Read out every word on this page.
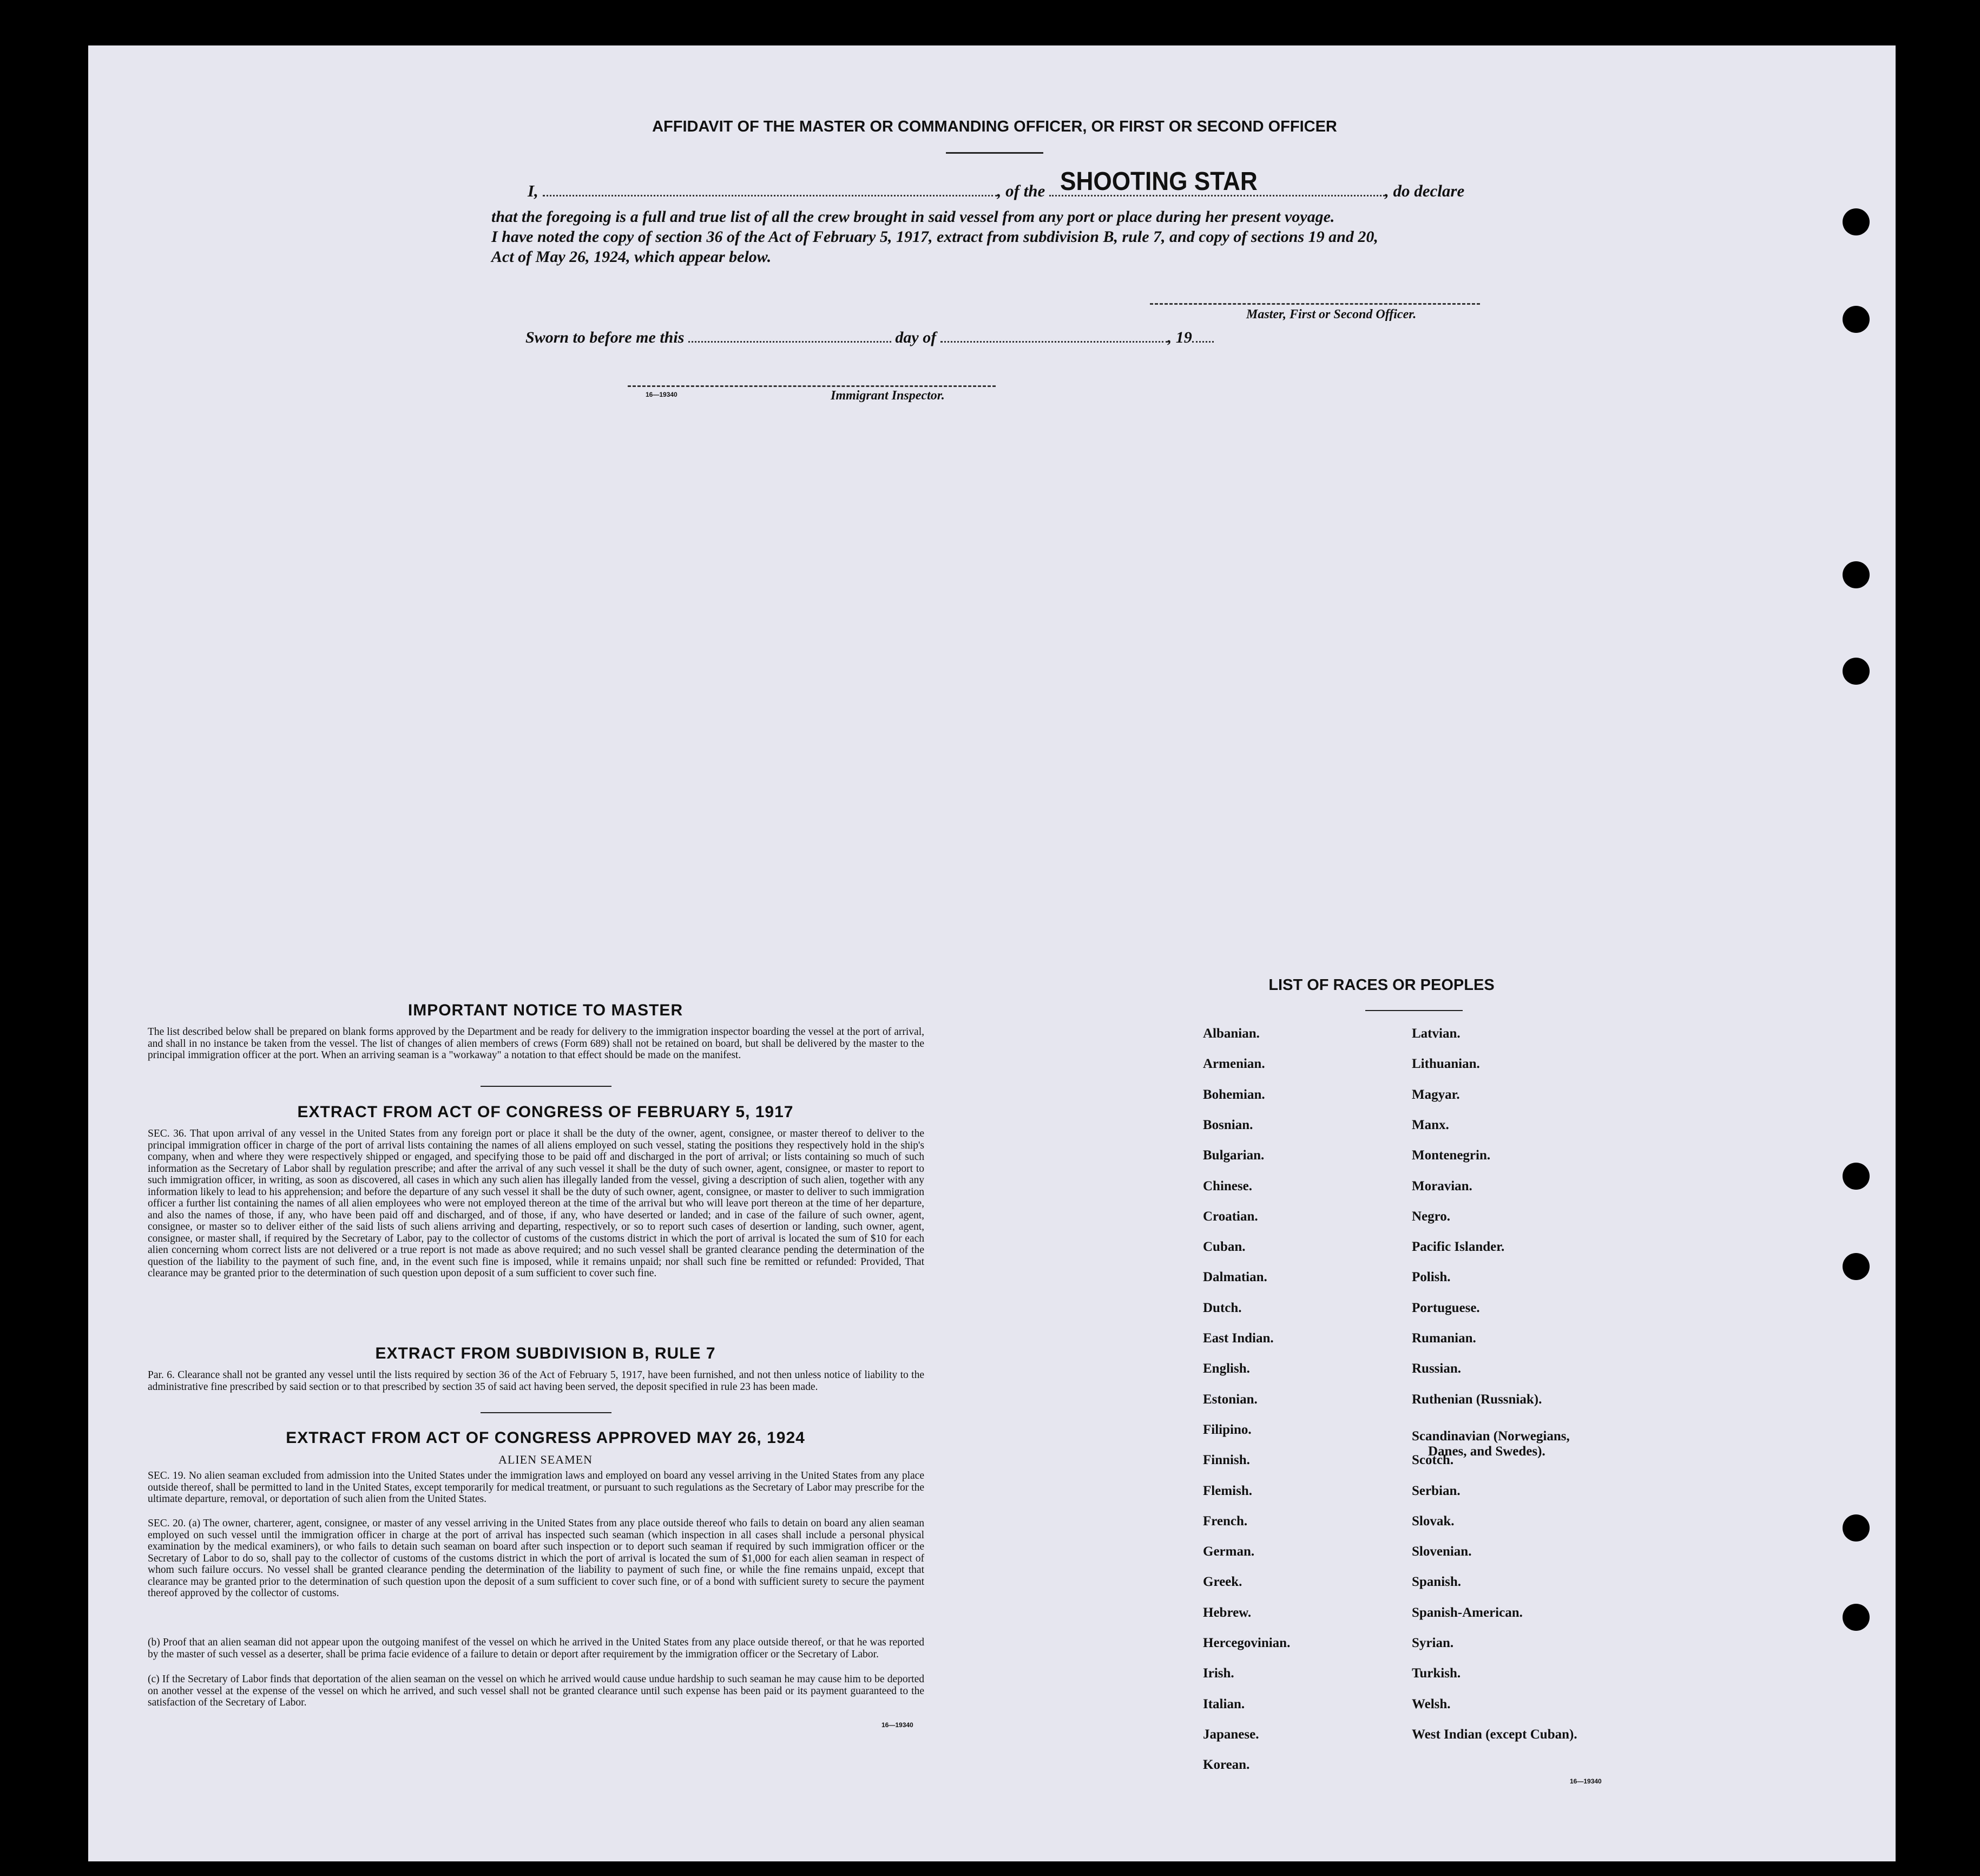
AFFIDAVIT OF THE MASTER OR COMMANDING OFFICER, OR FIRST OR SECOND OFFICER
I,	, of the SHOOTING STAR	, do declare
that the foregoing is a full and true list of all the crew brought in said vessel from any port or place during her present voyage.
I have noted the copy of section 36 of the Act of February 5, 1917, extract from subdivision B, rule 7, and copy of sections 19 and 20,
Act of May 26, 1924, which appear below.
Master, First or Second Officer.
Sworn to before me this	day of	, 19
16—19340	Immigrant Inspector.
IMPORTANT NOTICE TO MASTER
The list described below shall be prepared on blank forms approved by the Department and be ready for delivery to the immigration inspector boarding the vessel at the port of arrival, and shall in no instance be taken from the vessel. The list of changes of alien members of crews (Form 689) shall not be retained on board, but shall be delivered by the master to the principal immigration officer at the port. When an arriving seaman is a "workaway" a notation to that effect should be made on the manifest.
EXTRACT FROM ACT OF CONGRESS OF FEBRUARY 5, 1917
SEC. 36. That upon arrival of any vessel in the United States from any foreign port or place it shall be the duty of the owner, agent, consignee, or master thereof to deliver to the principal immigration officer in charge of the port of arrival lists containing the names of all aliens employed on such vessel, stating the positions they respectively hold in the ship's company, when and where they were respectively shipped or engaged, and specifying those to be paid off and discharged in the port of arrival; or lists containing so much of such information as the Secretary of Labor shall by regulation prescribe; and after the arrival of any such vessel it shall be the duty of such owner, agent, consignee, or master to report to such immigration officer, in writing, as soon as discovered, all cases in which any such alien has illegally landed from the vessel, giving a description of such alien, together with any information likely to lead to his apprehension; and before the departure of any such vessel it shall be the duty of such owner, agent, consignee, or master to deliver to such immigration officer a further list containing the names of all alien employees who were not employed thereon at the time of the arrival but who will leave port thereon at the time of her departure, and also the names of those, if any, who have been paid off and discharged, and of those, if any, who have deserted or landed; and in case of the failure of such owner, agent, consignee, or master so to deliver either of the said lists of such aliens arriving and departing, respectively, or so to report such cases of desertion or landing, such owner, agent, consignee, or master shall, if required by the Secretary of Labor, pay to the collector of customs of the customs district in which the port of arrival is located the sum of $10 for each alien concerning whom correct lists are not delivered or a true report is not made as above required; and no such vessel shall be granted clearance pending the determination of the question of the liability to the payment of such fine, and, in the event such fine is imposed, while it remains unpaid; nor shall such fine be remitted or refunded: Provided, That clearance may be granted prior to the determination of such question upon deposit of a sum sufficient to cover such fine.
EXTRACT FROM SUBDIVISION B, RULE 7
Par. 6. Clearance shall not be granted any vessel until the lists required by section 36 of the Act of February 5, 1917, have been furnished, and not then unless notice of liability to the administrative fine prescribed by said section or to that prescribed by section 35 of said act having been served, the deposit specified in rule 23 has been made.
EXTRACT FROM ACT OF CONGRESS APPROVED MAY 26, 1924
ALIEN SEAMEN
SEC. 19. No alien seaman excluded from admission into the United States under the immigration laws and employed on board any vessel arriving in the United States from any place outside thereof, shall be permitted to land in the United States, except temporarily for medical treatment, or pursuant to such regulations as the Secretary of Labor may prescribe for the ultimate departure, removal, or deportation of such alien from the United States.
SEC. 20. (a) The owner, charterer, agent, consignee, or master of any vessel arriving in the United States from any place outside thereof who fails to detain on board any alien seaman employed on such vessel until the immigration officer in charge at the port of arrival has inspected such seaman (which inspection in all cases shall include a personal physical examination by the medical examiners), or who fails to detain such seaman on board after such inspection or to deport such seaman if required by such immigration officer or the Secretary of Labor to do so, shall pay to the collector of customs of the customs district in which the port of arrival is located the sum of $1,000 for each alien seaman in respect of whom such failure occurs. No vessel shall be granted clearance pending the determination of the liability to payment of such fine, or while the fine remains unpaid, except that clearance may be granted prior to the determination of such question upon the deposit of a sum sufficient to cover such fine, or of a bond with sufficient surety to secure the payment thereof approved by the collector of customs.
(b) Proof that an alien seaman did not appear upon the outgoing manifest of the vessel on which he arrived in the United States from any place outside thereof, or that he was reported by the master of such vessel as a deserter, shall be prima facie evidence of a failure to detain or deport after requirement by the immigration officer or the Secretary of Labor.
(c) If the Secretary of Labor finds that deportation of the alien seaman on the vessel on which he arrived would cause undue hardship to such seaman he may cause him to be deported on another vessel at the expense of the vessel on which he arrived, and such vessel shall not be granted clearance until such expense has been paid or its payment guaranteed to the satisfaction of the Secretary of Labor.
16—19340
LIST OF RACES OR PEOPLES
16—19340
Albanian.
Armenian.
Bohemian.
Bosnian.
Bulgarian.
Chinese.
Croatian.
Cuban.
Dalmatian.
Dutch.
East Indian.
English.
Estonian.
Filipino.
Finnish.
Flemish.
French.
German.
Greek.
Hebrew.
Hercegovinian.
Irish.
Italian.
Japanese.
Korean.
Latvian.
Lithuanian.
Magyar.
Manx.
Montenegrin.
Moravian.
Negro.
Pacific Islander.
Polish.
Portuguese.
Rumanian.
Russian.
Ruthenian (Russniak).
Scandinavian (Norwegians,
Danes, and Swedes).
Scotch.
Serbian.
Slovak.
Slovenian.
Spanish.
Spanish-American.
Syrian.
Turkish.
Welsh.
West Indian (except Cuban).
